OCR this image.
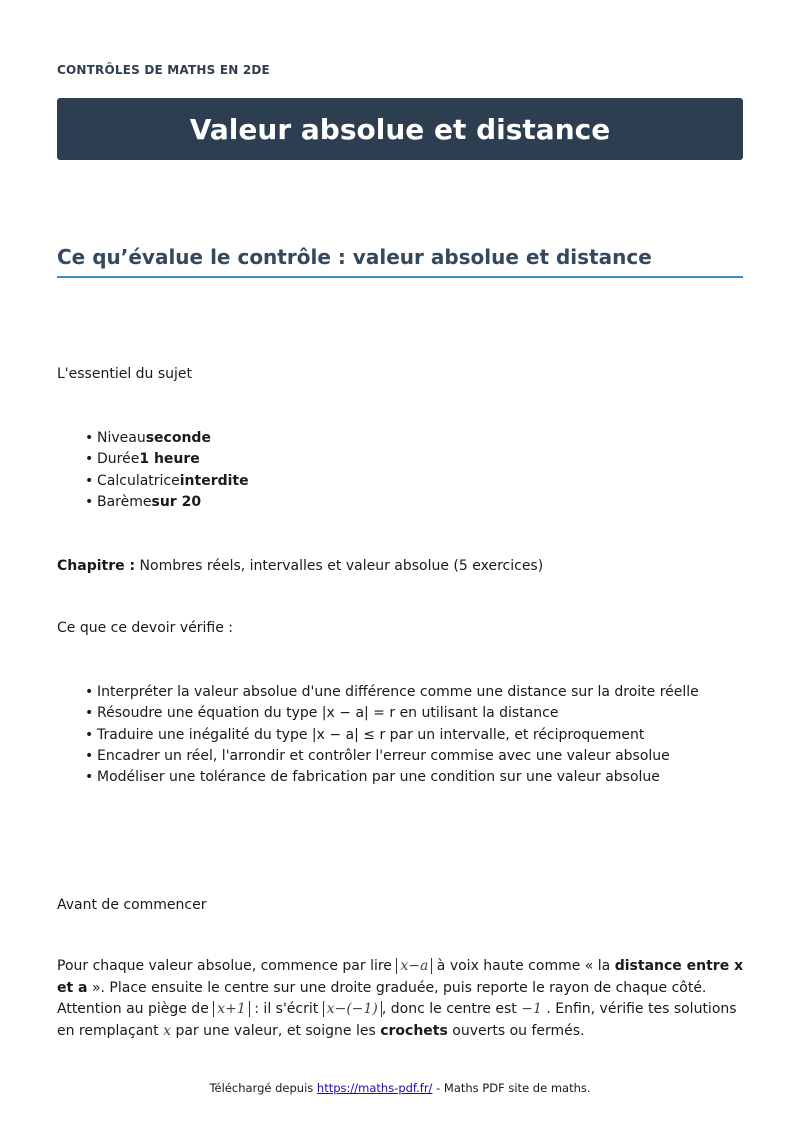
CONTRÔLES DE MATHS EN 2DE
Valeur absolue et distance
Ce qu’évalue le contrôle : valeur absolue et distance

L'essentiel du sujet

• Niveauseconde
• Durée1 heure
• Calculatriceinterdite
• Barèmesur 20

Chapitre : Nombres réels, intervalles et valeur absolue (5 exercices)

Ce que ce devoir vérifie :

• Interpréter la valeur absolue d'une différence comme une distance sur la droite réelle
• Résoudre une équation du type |x − a| = r en utilisant la distance
• Traduire une inégalité du type |x − a| ≤ r par un intervalle, et réciproquement
• Encadrer un réel, l'arrondir et contrôler l'erreur commise avec une valeur absolue
• Modéliser une tolérance de fabrication par une condition sur une valeur absolue

Avant de commencer

Pour chaque valeur absolue, commence par lire x−a à voix haute comme « la distance entre x et a ». Place ensuite le centre sur une droite graduée, puis reporte le rayon de chaque côté. Attention au piège de x+1 : il s'écrit x−(−1) , donc le centre est −1 . Enfin, vérifie tes solutions en remplaçant x par une valeur, et soigne les crochets ouverts ou fermés.

Téléchargé depuis https://maths-pdf.fr/ - Maths PDF site de maths.
